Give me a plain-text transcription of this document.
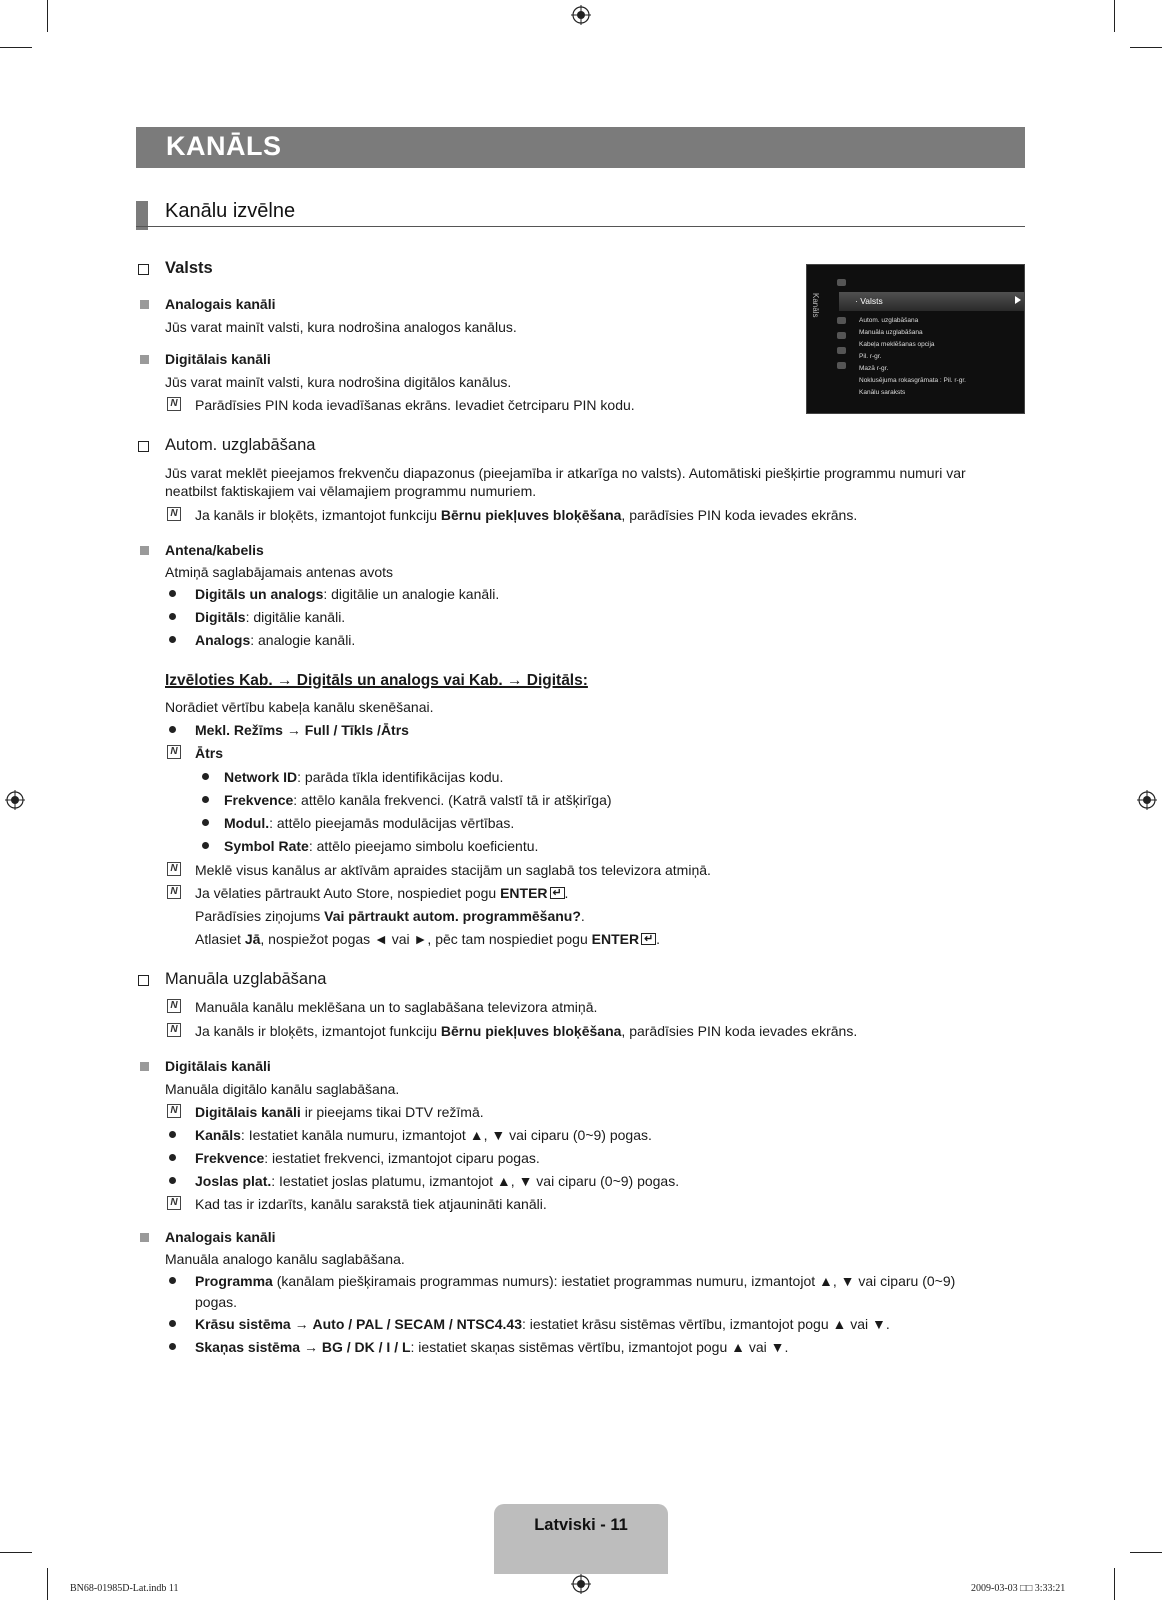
KANĀLS
Kanālu izvēlne
Valsts
Analogais kanāli
Jūs varat mainīt valsti, kura nodrošina analogos kanālus.
Digitālais kanāli
Jūs varat mainīt valsti, kura nodrošina digitālos kanālus.
N Parādīsies PIN koda ievadīšanas ekrāns. Ievadiet četrciparu PIN kodu.
Kanāls	· Valsts
Autom. uzglabāšana
Manuāla uzglabāšana
Kabeļa meklēšanas opcija
Pil. r-gr.
Mazā r-gr.
Noklusējuma rokasgrāmata : Pil. r-gr.
Kanālu saraksts
Autom. uzglabāšana
Jūs varat meklēt pieejamos frekvenču diapazonus (pieejamība ir atkarīga no valsts). Automātiski piešķirtie programmu numuri var
neatbilst faktiskajiem vai vēlamajiem programmu numuriem.
N Ja kanāls ir bloķēts, izmantojot funkciju Bērnu piekļuves bloķēšana, parādīsies PIN koda ievades ekrāns.
Antena/kabelis
Atmiņā saglabājamais antenas avots
Digitāls un analogs: digitālie un analogie kanāli.
Digitāls: digitālie kanāli.
Analogs: analogie kanāli.
Izvēloties Kab. → Digitāls un analogs vai Kab. → Digitāls:
Norādiet vērtību kabeļa kanālu skenēšanai.
Mekl. Režīms → Full / Tīkls /Ātrs
N Ātrs
Network ID: parāda tīkla identifikācijas kodu.
Frekvence: attēlo kanāla frekvenci. (Katrā valstī tā ir atšķirīga)
Modul.: attēlo pieejamās modulācijas vērtības.
Symbol Rate: attēlo pieejamo simbolu koeficientu.
N Meklē visus kanālus ar aktīvām apraides stacijām un saglabā tos televizora atmiņā.
N Ja vēlaties pārtraukt Auto Store, nospiediet pogu ENTER ↵ .
Parādīsies ziņojums Vai pārtraukt autom. programmēšanu?.
Atlasiet Jā, nospiežot pogas ◄ vai ►, pēc tam nospiediet pogu ENTER ↵ .
Manuāla uzglabāšana
N Manuāla kanālu meklēšana un to saglabāšana televizora atmiņā.
N Ja kanāls ir bloķēts, izmantojot funkciju Bērnu piekļuves bloķēšana, parādīsies PIN koda ievades ekrāns.
Digitālais kanāli
Manuāla digitālo kanālu saglabāšana.
N Digitālais kanāli ir pieejams tikai DTV režīmā.
Kanāls: Iestatiet kanāla numuru, izmantojot ▲, ▼ vai ciparu (0~9) pogas.
Frekvence: iestatiet frekvenci, izmantojot ciparu pogas.
Joslas plat.: Iestatiet joslas platumu, izmantojot ▲, ▼ vai ciparu (0~9) pogas.
N Kad tas ir izdarīts, kanālu sarakstā tiek atjaunināti kanāli.
Analogais kanāli
Manuāla analogo kanālu saglabāšana.
Programma (kanālam piešķiramais programmas numurs): iestatiet programmas numuru, izmantojot ▲, ▼ vai ciparu (0~9)
pogas.
Krāsu sistēma → Auto / PAL / SECAM / NTSC4.43: iestatiet krāsu sistēmas vērtību, izmantojot pogu ▲ vai ▼.
Skaņas sistēma → BG / DK / I / L: iestatiet skaņas sistēmas vērtību, izmantojot pogu ▲ vai ▼.
Latviski - 11
BN68-01985D-Lat.indb 11	2009-03-03 □□ 3:33:21
